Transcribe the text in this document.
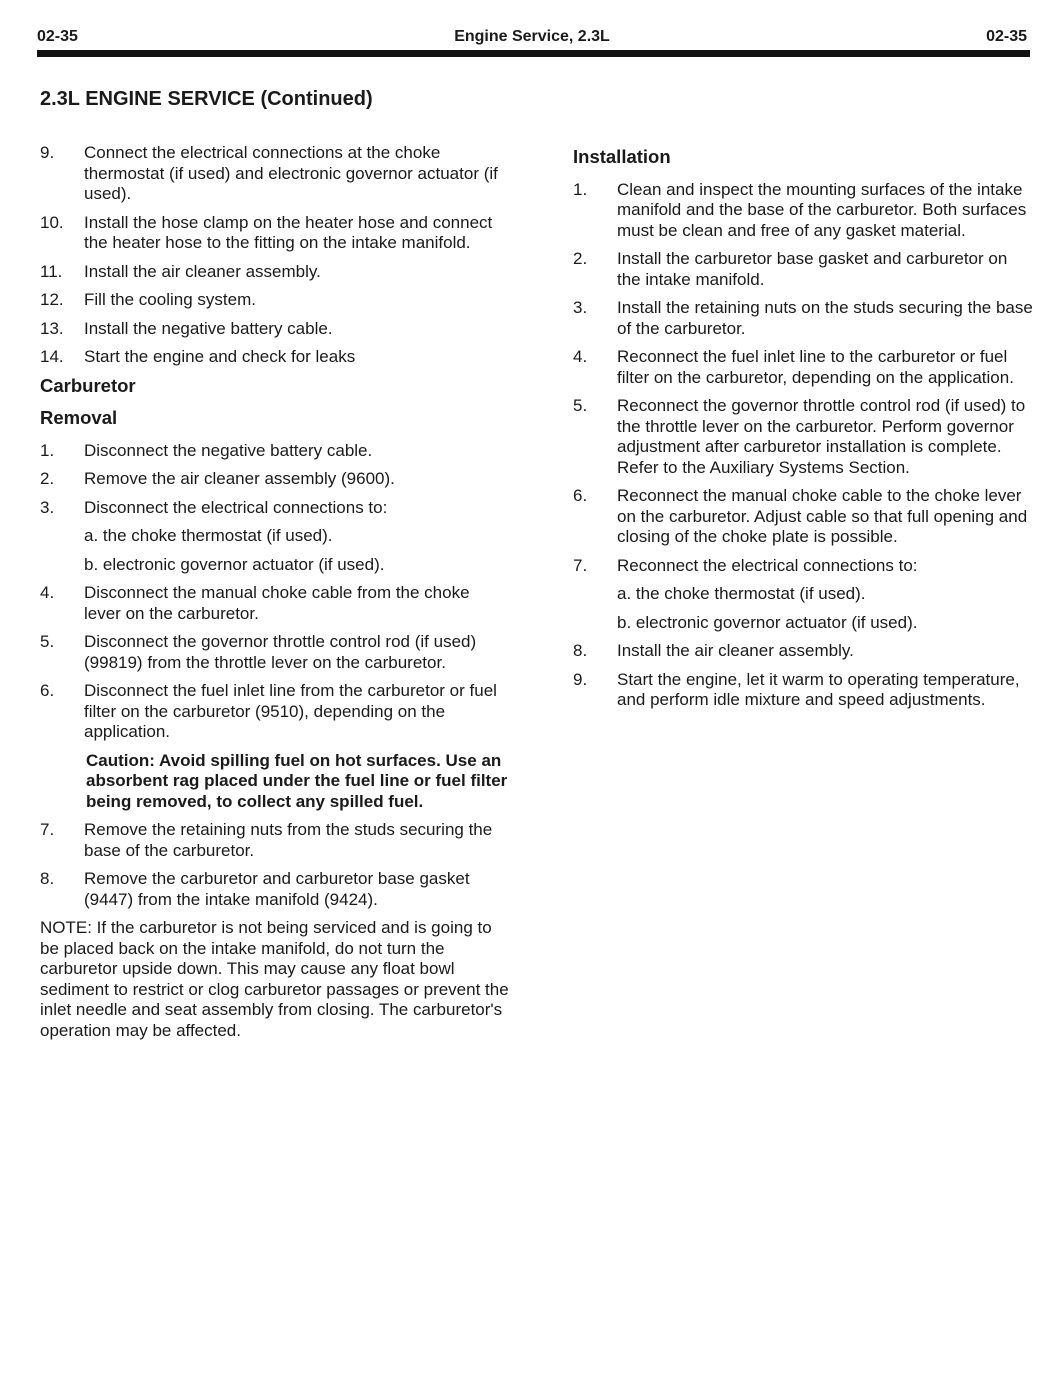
02-35	Engine Service, 2.3L	02-35
2.3L ENGINE SERVICE (Continued)
9. Connect the electrical connections at the choke thermostat (if used) and electronic governor actuator (if used).
10. Install the hose clamp on the heater hose and connect the heater hose to the fitting on the intake manifold.
11. Install the air cleaner assembly.
12. Fill the cooling system.
13. Install the negative battery cable.
14. Start the engine and check for leaks
Carburetor
Removal
1. Disconnect the negative battery cable.
2. Remove the air cleaner assembly (9600).
3. Disconnect the electrical connections to:
a. the choke thermostat (if used).
b. electronic governor actuator (if used).
4. Disconnect the manual choke cable from the choke lever on the carburetor.
5. Disconnect the governor throttle control rod (if used) (99819) from the throttle lever on the carburetor.
6. Disconnect the fuel inlet line from the carburetor or fuel filter on the carburetor (9510), depending on the application.
Caution: Avoid spilling fuel on hot surfaces. Use an absorbent rag placed under the fuel line or fuel filter being removed, to collect any spilled fuel.
7. Remove the retaining nuts from the studs securing the base of the carburetor.
8. Remove the carburetor and carburetor base gasket (9447) from the intake manifold (9424).
NOTE: If the carburetor is not being serviced and is going to be placed back on the intake manifold, do not turn the carburetor upside down. This may cause any float bowl sediment to restrict or clog carburetor passages or prevent the inlet needle and seat assembly from closing. The carburetor's operation may be affected.
Installation
1. Clean and inspect the mounting surfaces of the intake manifold and the base of the carburetor. Both surfaces must be clean and free of any gasket material.
2. Install the carburetor base gasket and carburetor on the intake manifold.
3. Install the retaining nuts on the studs securing the base of the carburetor.
4. Reconnect the fuel inlet line to the carburetor or fuel filter on the carburetor, depending on the application.
5. Reconnect the governor throttle control rod (if used) to the throttle lever on the carburetor. Perform governor adjustment after carburetor installation is complete. Refer to the Auxiliary Systems Section.
6. Reconnect the manual choke cable to the choke lever on the carburetor. Adjust cable so that full opening and closing of the choke plate is possible.
7. Reconnect the electrical connections to:
a. the choke thermostat (if used).
b. electronic governor actuator (if used).
8. Install the air cleaner assembly.
9. Start the engine, let it warm to operating temperature, and perform idle mixture and speed adjustments.
